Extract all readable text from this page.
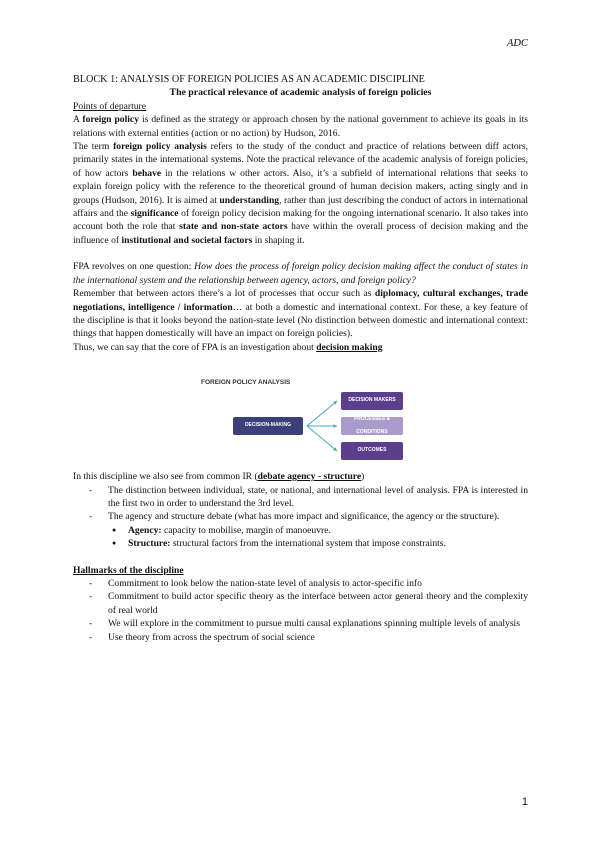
ADC

BLOCK 1: ANALYSIS OF FOREIGN POLICIES AS AN ACADEMIC DISCIPLINE

The practical relevance of academic analysis of foreign policies

Points of departure

A foreign policy is defined as the strategy or approach chosen by the national government to achieve its goals in its relations with external entities (action or no action) by Hudson, 2016.

The term foreign policy analysis refers to the study of the conduct and practice of relations between diff actors, primarily states in the international systems. Note the practical relevance of the academic analysis of foreign policies, of how actors behave in the relations w other actors. Also, it’s a subfield of international relations that seeks to explain foreign policy with the reference to the theoretical ground of human decision makers, acting singly and in groups (Hudson, 2016). It is aimed at understanding, rather than just describing the conduct of actors in international affairs and the significance of foreign policy decision making for the ongoing international scenario. It also takes into account both the role that state and non-state actors have within the overall process of decision making and the influence of institutional and societal factors in shaping it.

FPA revolves on one question: How does the process of foreign policy decision making affect the conduct of states in the international system and the relationship between agency, actors, and foreign policy?

Remember that between actors there’s a lot of processes that occur such as diplomacy, cultural exchanges, trade negotiations, intelligence / information… at both a domestic and international context. For these, a key feature of the discipline is that it looks beyond the nation-state level (No distinction between domestic and international context: things that happen domestically will have an impact on foreign policies).

Thus, we can say that the core of FPA is an investigation about decision making

FOREIGN POLICY ANALYSIS
DECISION-MAKING
DECISION MAKERS
PROCESSES & CONDITIONS
OUTCOMES

In this discipline we also see from common IR (debate agency - structure)

- The distinction between individual, state, or national, and international level of analysis. FPA is interested in the first two in order to understand the 3rd level.
- The agency and structure debate (what has more impact and significance, the agency or the structure).
● Agency: capacity to mobilise, margin of manoeuvre.
● Structure: structural factors from the international system that impose constraints.

Hallmarks of the discipline

- Commitment to look below the nation-state level of analysis to actor-specific info
- Commitment to build actor specific theory as the interface between actor general theory and the complexity of real world
- We will explore in the commitment to pursue multi causal explanations spinning multiple levels of analysis
- Use theory from across the spectrum of social science
1
